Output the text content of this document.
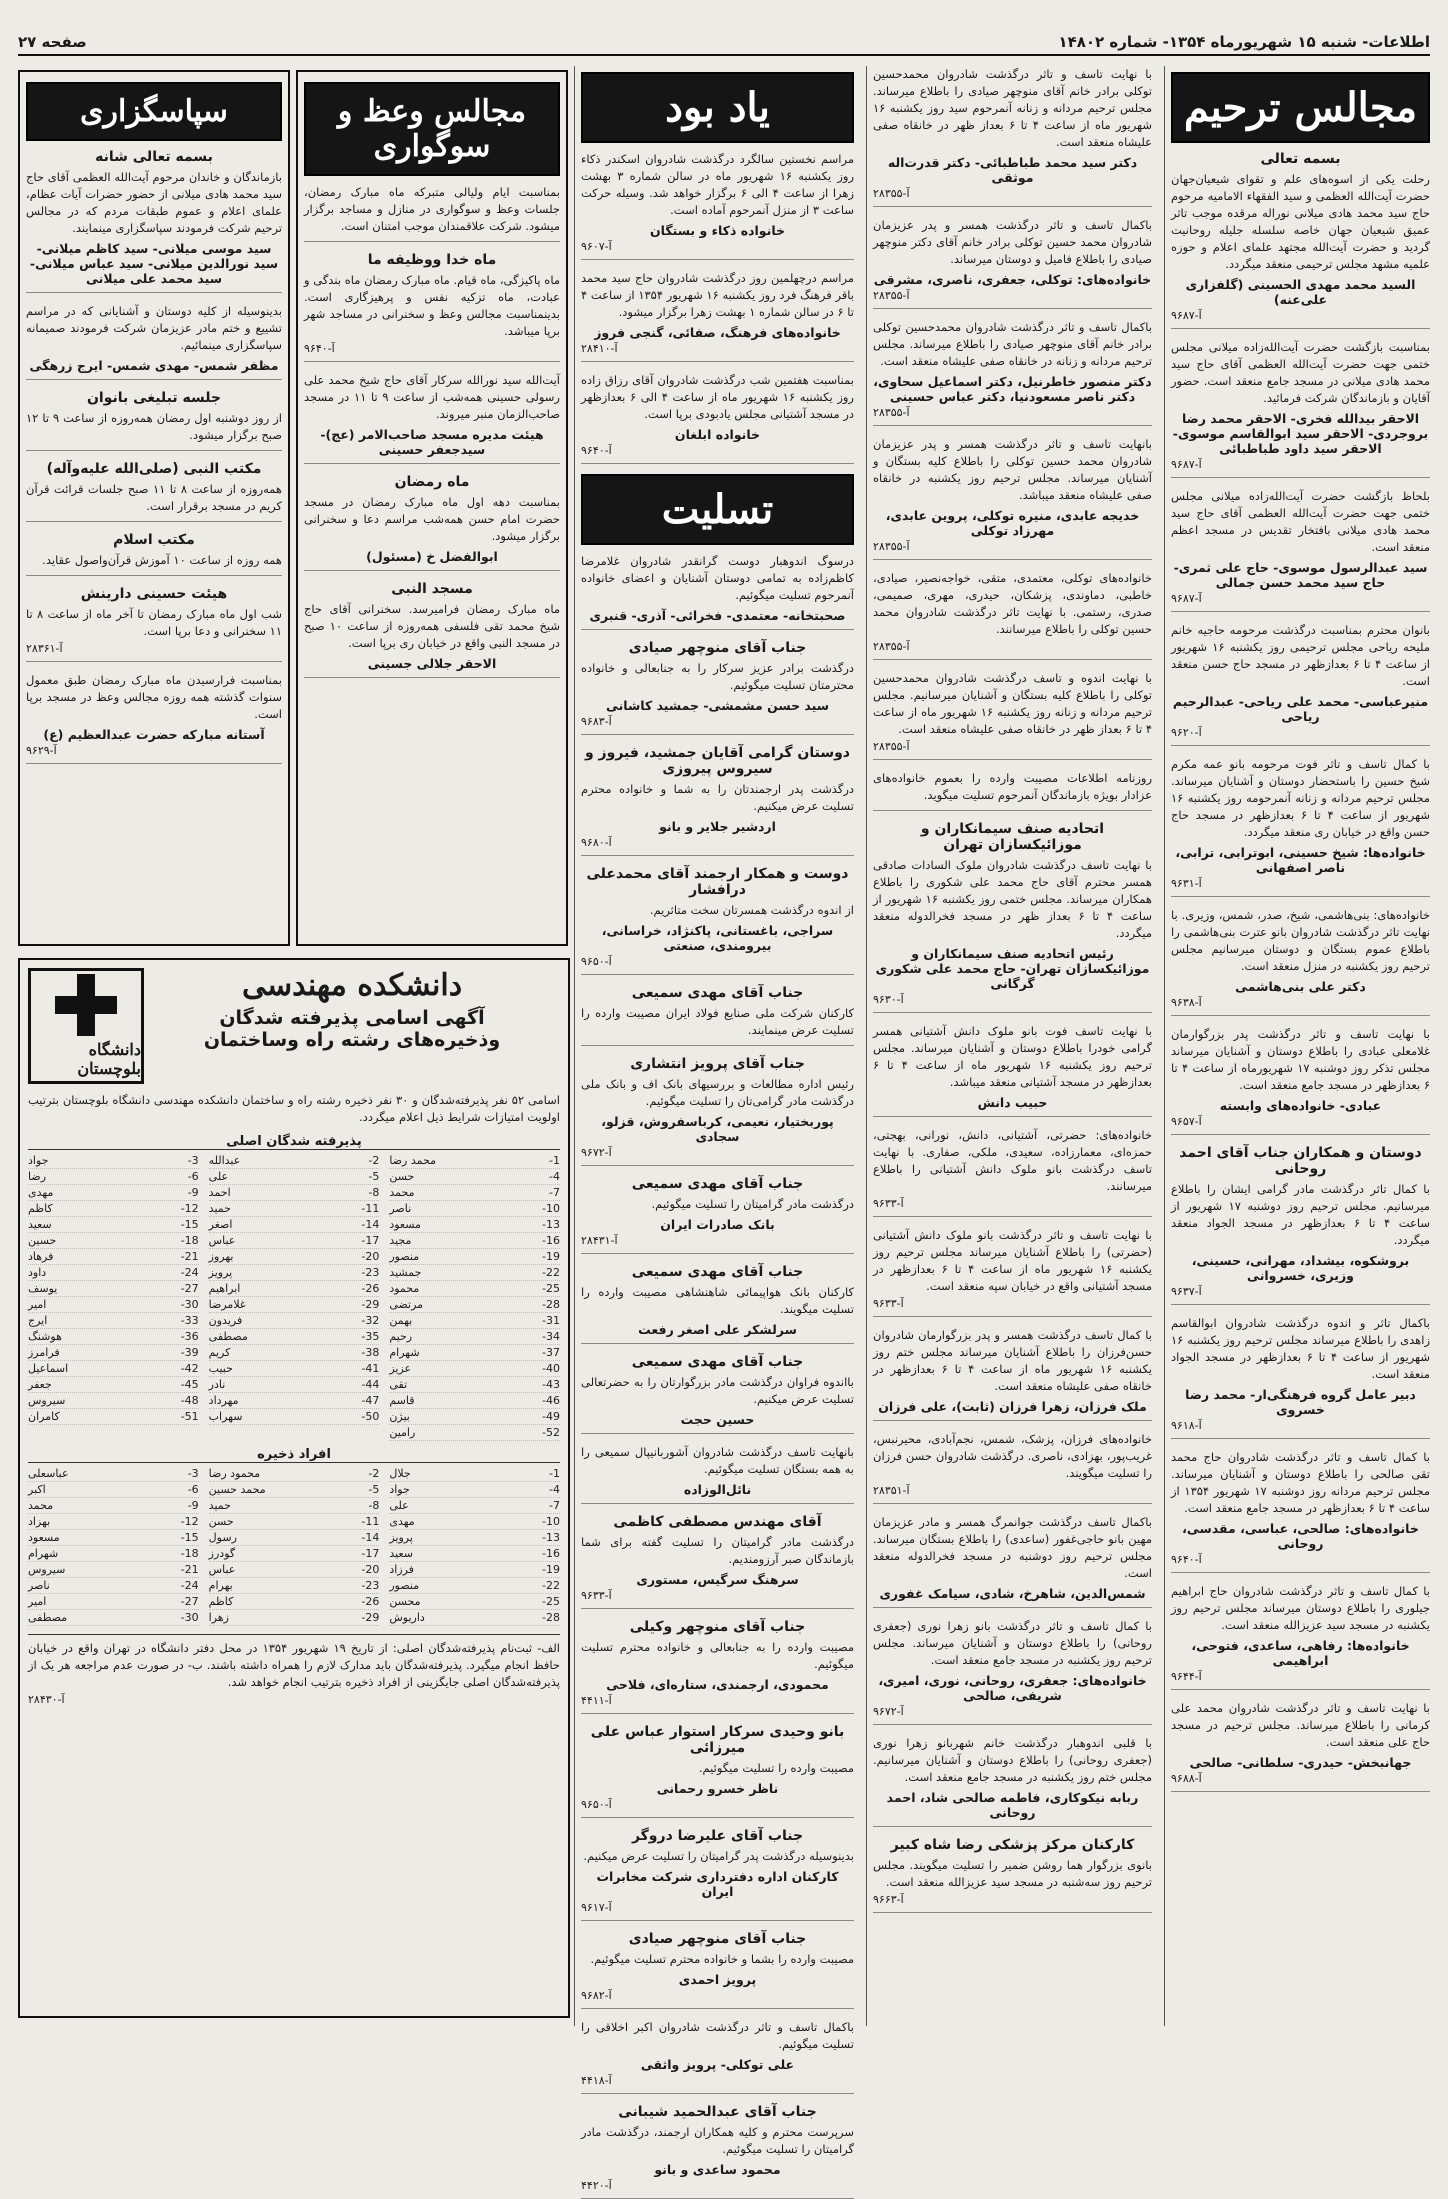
اطلاعات- شنبه ۱۵ شهریورماه ۱۳۵۴- شماره ۱۴۸۰۲
صفحه ۲۷
مجالس ترحیم
بسمه تعالی
رحلت یکی از اسوه‌های علم و تقوای شیعیان‌جهان حضرت آیت‌الله العظمی و سید الفقهاء الامامیه مرحوم حاج سید محمد هادی میلانی نوراله مرقده موجب تاثر عمیق شیعیان جهان خاصه سلسله جلیله روحانیت گردید و حضرت آیت‌الله مجتهد علمای اعلام و حوزه علمیه مشهد مجلس ترحیمی منعقد میگردد.
السید محمد مهدی الحسینی (گلفزاری علی‌عنه)
آ-۹۶۸۷
بمناسبت بازگشت حضرت آیت‌الله‌زاده میلانی مجلس ختمی جهت حضرت آیت‌الله العظمی آقای حاج سید محمد هادی میلانی در مسجد جامع منعقد است. حضور آقایان و بازماندگان شرکت فرمائید.
الاحقر بیدالله فخری- الاحقر محمد رضا بروجردی- الاحقر سید ابوالقاسم موسوی- الاحقر سید داود طباطبائی
آ-۹۶۸۷
بلحاظ بازگشت حضرت آیت‌الله‌زاده میلانی مجلس ختمی جهت حضرت آیت‌الله العظمی آقای حاج سید محمد هادی میلانی بافتخار تقدیس در مسجد اعظم منعقد است.
سید عبدالرسول موسوی- حاج علی ثمری- حاج سید محمد حسن جمالی
آ-۹۶۸۷
بانوان محترم بمناسبت درگذشت مرحومه حاجیه خانم ملیحه ریاحی مجلس ترحیمی روز یکشنبه ۱۶ شهریور از ساعت ۴ تا ۶ بعدازظهر در مسجد حاج حسن منعقد است.
منیرعباسی- محمد علی ریاحی- عبدالرحیم ریاحی
آ-۹۶۲۰
با کمال تاسف و تاثر فوت مرحومه بانو عمه مکرم شیخ حسین را باستحضار دوستان و آشنایان میرساند. مجلس ترحیم مردانه و زنانه آنمرحومه روز یکشنبه ۱۶ شهریور از ساعت ۴ تا ۶ بعدازظهر در مسجد حاج حسن واقع در خیابان ری منعقد میگردد.
خانواده‌ها: شیخ حسینی، ابوترابی، ترابی، ناصر اصفهانی
آ-۹۶۳۱
خانواده‌های: بنی‌هاشمی، شیخ، صدر، شمس، وزیری. با نهایت تاثر درگذشت شادروان بانو عترت بنی‌هاشمی را باطلاع عموم بستگان و دوستان میرسانیم مجلس ترحیم روز یکشنبه در منزل منعقد است.
دکتر علی بنی‌هاشمی
آ-۹۶۳۸
با نهایت تاسف و تاثر درگذشت پدر بزرگوارمان غلامعلی عبادی را باطلاع دوستان و آشنایان میرساند مجلس تذکر روز دوشنبه ۱۷ شهریورماه از ساعت ۴ تا ۶ بعدازظهر در مسجد جامع منعقد است.
عبادی- خانواده‌های وابسته
آ-۹۶۵۷
دوستان و همکاران جناب آقای احمد روحانی
با کمال تاثر درگذشت مادر گرامی ایشان را باطلاع میرسانیم. مجلس ترحیم روز دوشنبه ۱۷ شهریور از ساعت ۴ تا ۶ بعدازظهر در مسجد الجواد منعقد میگردد.
بروشکوه، بیشداد، مهرانی، حسینی، وزیری، خسروانی
آ-۹۶۳۷
باکمال تاثر و اندوه درگذشت شادروان ابوالقاسم زاهدی را باطلاع میرساند مجلس ترحیم روز یکشنبه ۱۶ شهریور از ساعت ۴ تا ۶ بعدازظهر در مسجد الجواد منعقد است.
دبیر عامل گروه فرهنگی‌ار- محمد رضا خسروی
آ-۹۶۱۸
با کمال تاسف و تاثر درگذشت شادروان حاج محمد تقی صالحی را باطلاع دوستان و آشنایان میرساند. مجلس ترحیم مردانه روز دوشنبه ۱۷ شهریور ۱۳۵۴ از ساعت ۴ تا ۶ بعدازظهر در مسجد جامع منعقد است.
خانواده‌های: صالحی، عباسی، مقدسی، روحانی
آ-۹۶۴۰
با کمال تاسف و تاثر درگذشت شادروان حاج ابراهیم جیلوری را باطلاع دوستان میرساند مجلس ترحیم روز یکشنبه در مسجد سید عزیزالله منعقد است.
خانواده‌ها: رفاهی، ساعدی، فتوحی، ابراهیمی
آ-۹۶۴۴
با نهایت تاسف و تاثر درگذشت شادروان محمد علی کرمانی را باطلاع میرساند. مجلس ترحیم در مسجد حاج علی منعقد است.
جهانبخش- حیدری- سلطانی- صالحی
آ-۹۶۸۸
با نهایت تاسف و تاثر درگذشت شادروان محمدحسین توکلی برادر خانم آقای منوچهر صیادی را باطلاع میرساند. مجلس ترحیم مردانه و زنانه آنمرحوم سید روز یکشنبه ۱۶ شهریور ماه از ساعت ۴ تا ۶ بعداز ظهر در خانقاه صفی علیشاه منعقد است.
دکتر سید محمد طباطبائی- دکتر قدرت‌اله موثقی
آ-۲۸۳۵۵
باکمال تاسف و تاثر درگذشت همسر و پدر عزیزمان شادروان محمد حسین توکلی برادر خانم آقای دکتر منوچهر صیادی را باطلاع فامیل و دوستان میرساند.
خانواده‌های: توکلی، جعفری، ناصری، مشرقی
آ-۲۸۳۵۵
باکمال تاسف و تاثر درگذشت شادروان محمدحسین توکلی برادر خانم آقای منوچهر صیادی را باطلاع میرساند. مجلس ترحیم مردانه و زنانه در خانقاه صفی علیشاه منعقد است.
دکتر منصور خاطرنیل، دکتر اسماعیل سحاوی، دکتر ناصر مسعودنیا، دکتر عباس حسینی
آ-۲۸۳۵۵
بانهایت تاسف و تاثر درگذشت همسر و پدر عزیزمان شادروان محمد حسین توکلی را باطلاع کلیه بستگان و آشنایان میرساند. مجلس ترحیم روز یکشنبه در خانقاه صفی علیشاه منعقد میباشد.
خدیجه عابدی، منیره توکلی، پروین عابدی، مهرزاد توکلی
آ-۲۸۳۵۵
خانواده‌های توکلی، معتمدی، متقی، خواجه‌نصیر، صیادی، خاطبی، دماوندی، پزشکان، حیدری، مهری، صمیمی، صدری، رستمی. با نهایت تاثر درگذشت شادروان محمد حسین توکلی را باطلاع میرسانند.
آ-۲۸۳۵۵
با نهایت اندوه و تاسف درگذشت شادروان محمدحسین توکلی را باطلاع کلیه بستگان و آشنایان میرسانیم. مجلس ترحیم مردانه و زنانه روز یکشنبه ۱۶ شهریور ماه از ساعت ۴ تا ۶ بعداز ظهر در خانقاه صفی علیشاه منعقد است.
آ-۲۸۳۵۵
روزنامه اطلاعات مصیبت وارده را بعموم خانواده‌های عزادار بویژه بازماندگان آنمرحوم تسلیت میگوید.
اتحادیه صنف سیمانکاران و موزائیکسازان تهران
با نهایت تاسف درگذشت شادروان ملوک السادات صادقی همسر محترم آقای حاج محمد علی شکوری را باطلاع همکاران میرساند. مجلس ختمی روز یکشنبه ۱۶ شهریور از ساعت ۴ تا ۶ بعداز ظهر در مسجد فخرالدوله منعقد میگردد.
رئیس اتحادیه صنف سیمانکاران و موزائیکسازان تهران- حاج محمد علی شکوری گرگانی
آ-۹۶۳۰
با نهایت تاسف فوت بانو ملوک دانش آشتیانی همسر گرامی خودرا باطلاع دوستان و آشنایان میرساند. مجلس ترحیم روز یکشنبه ۱۶ شهریور ماه از ساعت ۴ تا ۶ بعدازظهر در مسجد آشتیانی منعقد میباشد.
حبیب دانش
خانواده‌های: حضرتی، آشتیانی، دانش، نورانی، بهجتی، حمزه‌ای، معمارزاده، سعیدی، ملکی، صفاری. با نهایت تاسف درگذشت بانو ملوک دانش آشتیانی را باطلاع میرسانند.
آ-۹۶۳۳
با نهایت تاسف و تاثر درگذشت بانو ملوک دانش آشتیانی (حضرتی) را باطلاع آشنایان میرساند مجلس ترحیم روز یکشنبه ۱۶ شهریور ماه از ساعت ۴ تا ۶ بعدازظهر در مسجد آشتیانی واقع در خیابان سپه منعقد است.
آ-۹۶۳۳
با کمال تاسف درگذشت همسر و پدر بزرگوارمان شادروان حسن‌فرزان را باطلاع آشنایان میرساند مجلس ختم روز یکشنبه ۱۶ شهریور ماه از ساعت ۴ تا ۶ بعدازظهر در خانقاه صفی علیشاه منعقد است.
ملک فرزان، زهرا فرزان (ثابت)، علی فرزان
خانواده‌های فرزان، پزشک، شمس، نجم‌آبادی، محیرنبس، غریب‌پور، بهزادی، ناصری. درگذشت شادروان حسن فرزان را تسلیت میگویند.
آ-۲۸۳۵۱
باکمال تاسف درگذشت جوانمرگ همسر و مادر عزیزمان مهین بانو حاجی‌غفور (ساعدی) را باطلاع بستگان میرساند. مجلس ترحیم روز دوشنبه در مسجد فخرالدوله منعقد است.
شمس‌الدین، شاهرخ، شادی، سیامک غفوری
با کمال تاسف و تاثر درگذشت بانو زهرا نوری (جعفری روحانی) را باطلاع دوستان و آشنایان میرساند. مجلس ترحیم روز یکشنبه در مسجد جامع منعقد است.
خانواده‌های: جعفری، روحانی، نوری، امیری، شریفی، صالحی
آ-۹۶۷۲
با قلبی اندوهبار درگذشت خانم شهربانو زهرا نوری (جعفری روحانی) را باطلاع دوستان و آشنایان میرسانیم. مجلس ختم روز یکشنبه در مسجد جامع منعقد است.
ربابه نیکوکاری، فاطمه صالحی شاد، احمد روحانی
کارکنان مرکز پزشکی رضا شاه کبیر
بانوی بزرگوار هما روشن ضمیر را تسلیت میگویند. مجلس ترحیم روز سه‌شنبه در مسجد سید عزیزالله منعقد است.
آ-۹۶۶۳
یاد بود
مراسم نخستین سالگرد درگذشت شادروان اسکندر ذکاء روز یکشنبه ۱۶ شهریور ماه در سالن شماره ۳ بهشت زهرا از ساعت ۴ الی ۶ برگزار خواهد شد. وسیله حرکت ساعت ۳ از منزل آنمرحوم آماده است.
خانواده ذکاء و بستگان
آ-۹۶۰۷
مراسم درچهلمین روز درگذشت شادروان حاج سید محمد باقر فرهنگ فرد روز یکشنبه ۱۶ شهریور ۱۳۵۴ از ساعت ۴ تا ۶ در سالن شماره ۱ بهشت زهرا برگزار میشود.
خانواده‌های فرهنگ، صفائی، گنجی فروز
آ-۲۸۴۱۰
بمناسبت هفتمین شب درگذشت شادروان آقای رزاق زاده روز یکشنبه ۱۶ شهریور ماه از ساعت ۴ الی ۶ بعدازظهر در مسجد آشتیانی مجلس یادبودی برپا است.
خانواده ابلغان
آ-۹۶۴۰
تسلیت
درسوگ اندوهبار دوست گرانقدر شادروان غلامرضا کاظم‌زاده به تمامی دوستان آشنایان و اعضای خانواده آنمرحوم تسلیت میگوئیم.
صحبتخانه- معتمدی- فخرائی- آذری- قنبری
جناب آقای منوچهر صیادی
درگذشت برادر عزیز سرکار را به جنابعالی و خانواده محترمتان تسلیت میگوئیم.
سید حسن مشمشی- جمشید کاشانی
آ-۹۶۸۳
دوستان گرامی آقایان جمشید، فیروز و سیروس پیروزی
درگذشت پدر ارجمندتان را به شما و خانواده محترم تسلیت عرض میکنیم.
اردشیر جلایر و بانو
آ-۹۶۸۰
دوست و همکار ارجمند آقای محمدعلی درافشار
از اندوه درگذشت همسرتان سخت متاثریم.
سراجی، باغستانی، پاکنژاد، خراسانی، بیرومندی، صنعتی
آ-۹۶۵۰
جناب آقای مهدی سمیعی
کارکنان شرکت ملی صنایع فولاد ایران مصیبت وارده را تسلیت عرض مینمایند.
جناب آقای پرویز انتشاری
رئیس اداره مطالعات و بررسیهای بانک اف و بانک ملی درگذشت مادر گرامی‌تان را تسلیت میگوئیم.
پوربختیار، نعیمی، کرباسفروش، قزلو، سجادی
آ-۹۶۷۲
جناب آقای مهدی سمیعی
درگذشت مادر گرامیتان را تسلیت میگوئیم.
بانک صادرات ایران
آ-۲۸۴۳۱
جناب آقای مهدی سمیعی
کارکنان بانک هواپیمائی شاهنشاهی مصیبت وارده را تسلیت میگویند.
سرلشکر علی اصغر رفعت
جناب آقای مهدی سمیعی
بااندوه فراوان درگذشت مادر بزرگوارتان را به حضرتعالی تسلیت عرض میکنیم.
حسین حجت
بانهایت تاسف درگذشت شادروان آشوربانیپال سمیعی را به همه بستگان تسلیت میگوئیم.
نائل‌الوزاده
آقای مهندس مصطفی کاظمی
درگذشت مادر گرامیتان را تسلیت گفته برای شما بازماندگان صبر آرزومندیم.
سرهنگ سرگیس، مستوری
آ-۹۶۳۳
جناب آقای منوچهر وکیلی
مصیبت وارده را به جنابعالی و خانواده محترم تسلیت میگوئیم.
محمودی، ارجمندی، ستاره‌ای، فلاحی
آ-۴۴۱۱
بانو وحیدی سرکار استوار عباس علی میرزائی
مصیبت وارده را تسلیت میگوئیم.
ناظر خسرو رحمانی
آ-۹۶۵۰
جناب آقای علیرضا دروگر
بدینوسیله درگذشت پدر گرامیتان را تسلیت عرض میکنیم.
کارکنان اداره دفترداری شرکت مخابرات ایران
آ-۹۶۱۷
جناب آقای منوچهر صیادی
مصیبت وارده را بشما و خانواده محترم تسلیت میگوئیم.
پرویز احمدی
آ-۹۶۸۲
باکمال تاسف و تاثر درگذشت شادروان اکبر اخلاقی را تسلیت میگوئیم.
علی توکلی- پرویز واثقی
آ-۴۴۱۸
جناب آقای عبدالحمید شیبانی
سرپرست محترم و کلیه همکاران ارجمند، درگذشت مادر گرامیتان را تسلیت میگوئیم.
محمود ساعدی و بانو
آ-۴۴۲۰
مجالس وعظ و سوگواری
بمناسبت ایام ولیالی متبرکه ماه مبارک رمضان، جلسات وعظ و سوگواری در منازل و مساجد برگزار میشود. شرکت علاقمندان موجب امتنان است.
ماه خدا ووظیفه ما
ماه پاکیزگی، ماه قیام. ماه مبارک رمضان ماه بندگی و عبادت، ماه تزکیه نفس و پرهیزگاری است. بدینمناسبت مجالس وعظ و سخنرانی در مساجد شهر برپا میباشد.
آ-۹۶۴۰
آیت‌الله سید نورالله سرکار آقای حاج شیخ محمد علی رسولی حسینی همه‌شب از ساعت ۹ تا ۱۱ در مسجد صاحب‌الزمان منبر میروند.
هیئت مدیره مسجد صاحب‌الامر (عج)- سیدجعفر حسینی
ماه رمضان
بمناسبت دهه اول ماه مبارک رمضان در مسجد حضرت امام حسن همه‌شب مراسم دعا و سخنرانی برگزار میشود.
ابوالفضل خ (مسئول)
مسجد النبی
ماه مبارک رمضان فرامیرسد. سخنرانی آقای حاج شیخ محمد تقی فلسفی همه‌روزه از ساعت ۱۰ صبح در مسجد النبی واقع در خیابان ری برپا است.
الاحقر جلالی جسینی
سپاسگزاری
بسمه تعالی شانه
بازماندگان و خاندان مرحوم آیت‌الله العظمی آقای حاج سید محمد هادی میلانی از حضور حضرات آیات عظام، علمای اعلام و عموم طبقات مردم که در مجالس ترحیم شرکت فرمودند سپاسگزاری مینمایند.
سید موسی میلانی- سید کاظم میلانی- سید نورالدین میلانی- سید عباس میلانی- سید محمد علی میلانی
بدینوسیله از کلیه دوستان و آشنایانی که در مراسم تشییع و ختم مادر عزیزمان شرکت فرمودند صمیمانه سپاسگزاری مینمائیم.
مظفر شمس- مهدی شمس- ایرج زرهگی
جلسه تبلیغی بانوان
از روز دوشنبه اول رمضان همه‌روزه از ساعت ۹ تا ۱۲ صبح برگزار میشود.
مکتب النبی (صلی‌الله علیه‌وآله)
همه‌روزه از ساعت ۸ تا ۱۱ صبح جلسات قرائت قرآن کریم در مسجد برقرار است.
مکتب اسلام
همه روزه از ساعت ۱۰ آموزش قرآن‌واصول عقاید.
هیئت حسینی دارینش
شب اول ماه مبارک رمضان تا آخر ماه از ساعت ۸ تا ۱۱ سخنرانی و دعا برپا است.
آ-۲۸۳۶۱
بمناسبت فرارسیدن ماه مبارک رمضان طبق معمول سنوات گذشته همه روزه مجالس وعظ در مسجد برپا است.
آستانه مبارکه حضرت عبدالعظیم (ع)
آ-۹۶۲۹
دانشکده مهندسی
آگهی اسامی پذیرفته شدگان
وذخیره‌های رشته راه وساختمان
دانشگاه بلوچستان
اسامی ۵۲ نفر پذیرفته‌شدگان و ۳۰ نفر ذخیره رشته راه و ساختمان دانشکده مهندسی دانشگاه بلوچستان بترتیب اولویت امتیازات شرایط ذیل اعلام میگردد.
پذیرفته شدگان اصلی
1-
محمد رضا
2-
عبدالله
3-
جواد
4-
حسن
5-
علی
6-
رضا
7-
محمد
8-
احمد
9-
مهدی
10-
ناصر
11-
حمید
12-
کاظم
13-
مسعود
14-
اصغر
15-
سعید
16-
مجید
17-
عباس
18-
حسین
19-
منصور
20-
بهروز
21-
فرهاد
22-
جمشید
23-
پرویز
24-
داود
25-
محمود
26-
ابراهیم
27-
یوسف
28-
مرتضی
29-
غلامرضا
30-
امیر
31-
بهمن
32-
فریدون
33-
ایرج
34-
رحیم
35-
مصطفی
36-
هوشنگ
37-
شهرام
38-
کریم
39-
فرامرز
40-
عزیز
41-
حبیب
42-
اسماعیل
43-
تقی
44-
نادر
45-
جعفر
46-
قاسم
47-
مهرداد
48-
سیروس
49-
بیژن
50-
سهراب
51-
کامران
52-
رامین
افراد ذخیره
1-
جلال
2-
محمود رضا
3-
عباسعلی
4-
جواد
5-
محمد حسین
6-
اکبر
7-
علی
8-
حمید
9-
محمد
10-
مهدی
11-
حسن
12-
بهزاد
13-
پرویز
14-
رسول
15-
مسعود
16-
سعید
17-
گودرز
18-
شهرام
19-
فرزاد
20-
عباس
21-
سیروس
22-
منصور
23-
بهرام
24-
ناصر
25-
محسن
26-
کاظم
27-
امیر
28-
داریوش
29-
زهرا
30-
مصطفی
الف- ثبت‌نام پذیرفته‌شدگان اصلی: از تاریخ ۱۹ شهریور ۱۳۵۴ در محل دفتر دانشگاه در تهران واقع در خیابان حافظ انجام میگیرد. پذیرفته‌شدگان باید مدارک لازم را همراه داشته باشند. ب- در صورت عدم مراجعه هر یک از پذیرفته‌شدگان اصلی جایگزینی از افراد ذخیره بترتیب انجام خواهد شد.
آ-۲۸۴۳۰
